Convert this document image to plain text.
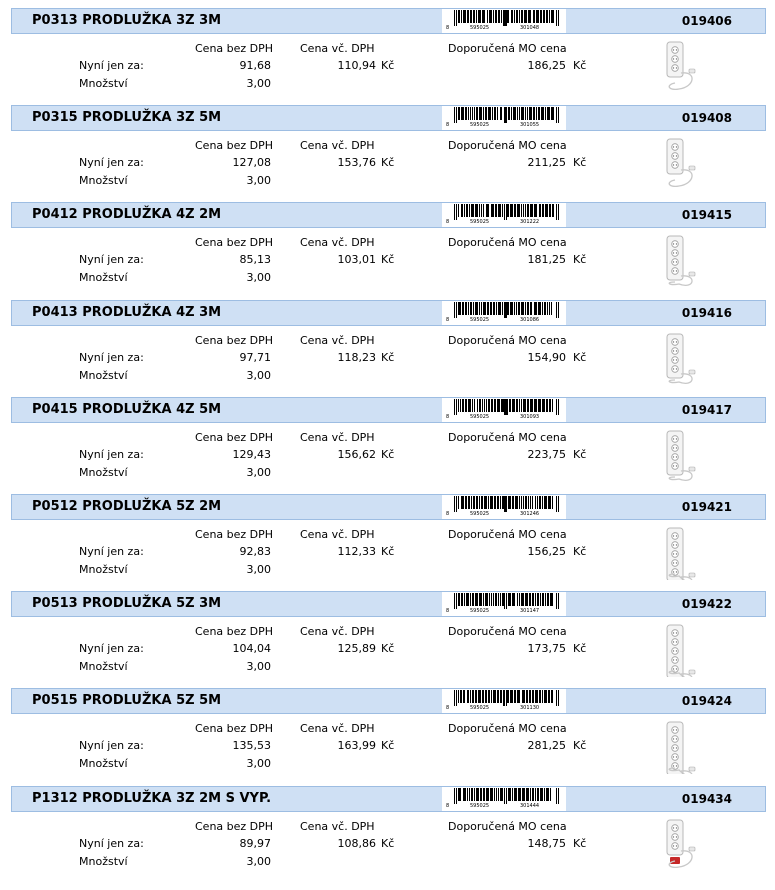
P0313 PRODLUŽKA 3Z 3M	8	595025	301048	019406
Cena bez DPH Cena vč. DPH	Doporučená MO cena
Nyní jen za:	91,68	110,94 Kč	186,25 Kč
Množství	3,00
P0315 PRODLUŽKA 3Z 5M	8	595025	301055	019408
Cena bez DPH Cena vč. DPH	Doporučená MO cena
Nyní jen za:	127,08	153,76 Kč	211,25 Kč
Množství	3,00
P0412 PRODLUŽKA 4Z 2M	8	595025	301222	019415
Cena bez DPH Cena vč. DPH	Doporučená MO cena
Nyní jen za:	85,13	103,01 Kč	181,25 Kč
Množství	3,00
P0413 PRODLUŽKA 4Z 3M	8	595025	301086	019416
Cena bez DPH Cena vč. DPH	Doporučená MO cena
Nyní jen za:	97,71	118,23 Kč	154,90 Kč
Množství	3,00
P0415 PRODLUŽKA 4Z 5M	8	595025	301093	019417
Cena bez DPH Cena vč. DPH	Doporučená MO cena
Nyní jen za:	129,43	156,62 Kč	223,75 Kč
Množství	3,00
P0512 PRODLUŽKA 5Z 2M	8	595025	301246	019421
Cena bez DPH Cena vč. DPH	Doporučená MO cena
Nyní jen za:	92,83	112,33 Kč	156,25 Kč
Množství	3,00
P0513 PRODLUŽKA 5Z 3M	8	595025	301147	019422
Cena bez DPH Cena vč. DPH	Doporučená MO cena
Nyní jen za:	104,04	125,89 Kč	173,75 Kč
Množství	3,00
P0515 PRODLUŽKA 5Z 5M	8	595025	301130	019424
Cena bez DPH Cena vč. DPH	Doporučená MO cena
Nyní jen za:	135,53	163,99 Kč	281,25 Kč
Množství	3,00
P1312 PRODLUŽKA 3Z 2M S VYP.	8	595025	301444	019434
Cena bez DPH Cena vč. DPH	Doporučená MO cena
Nyní jen za:	89,97	108,86 Kč	148,75 Kč
Množství	3,00
